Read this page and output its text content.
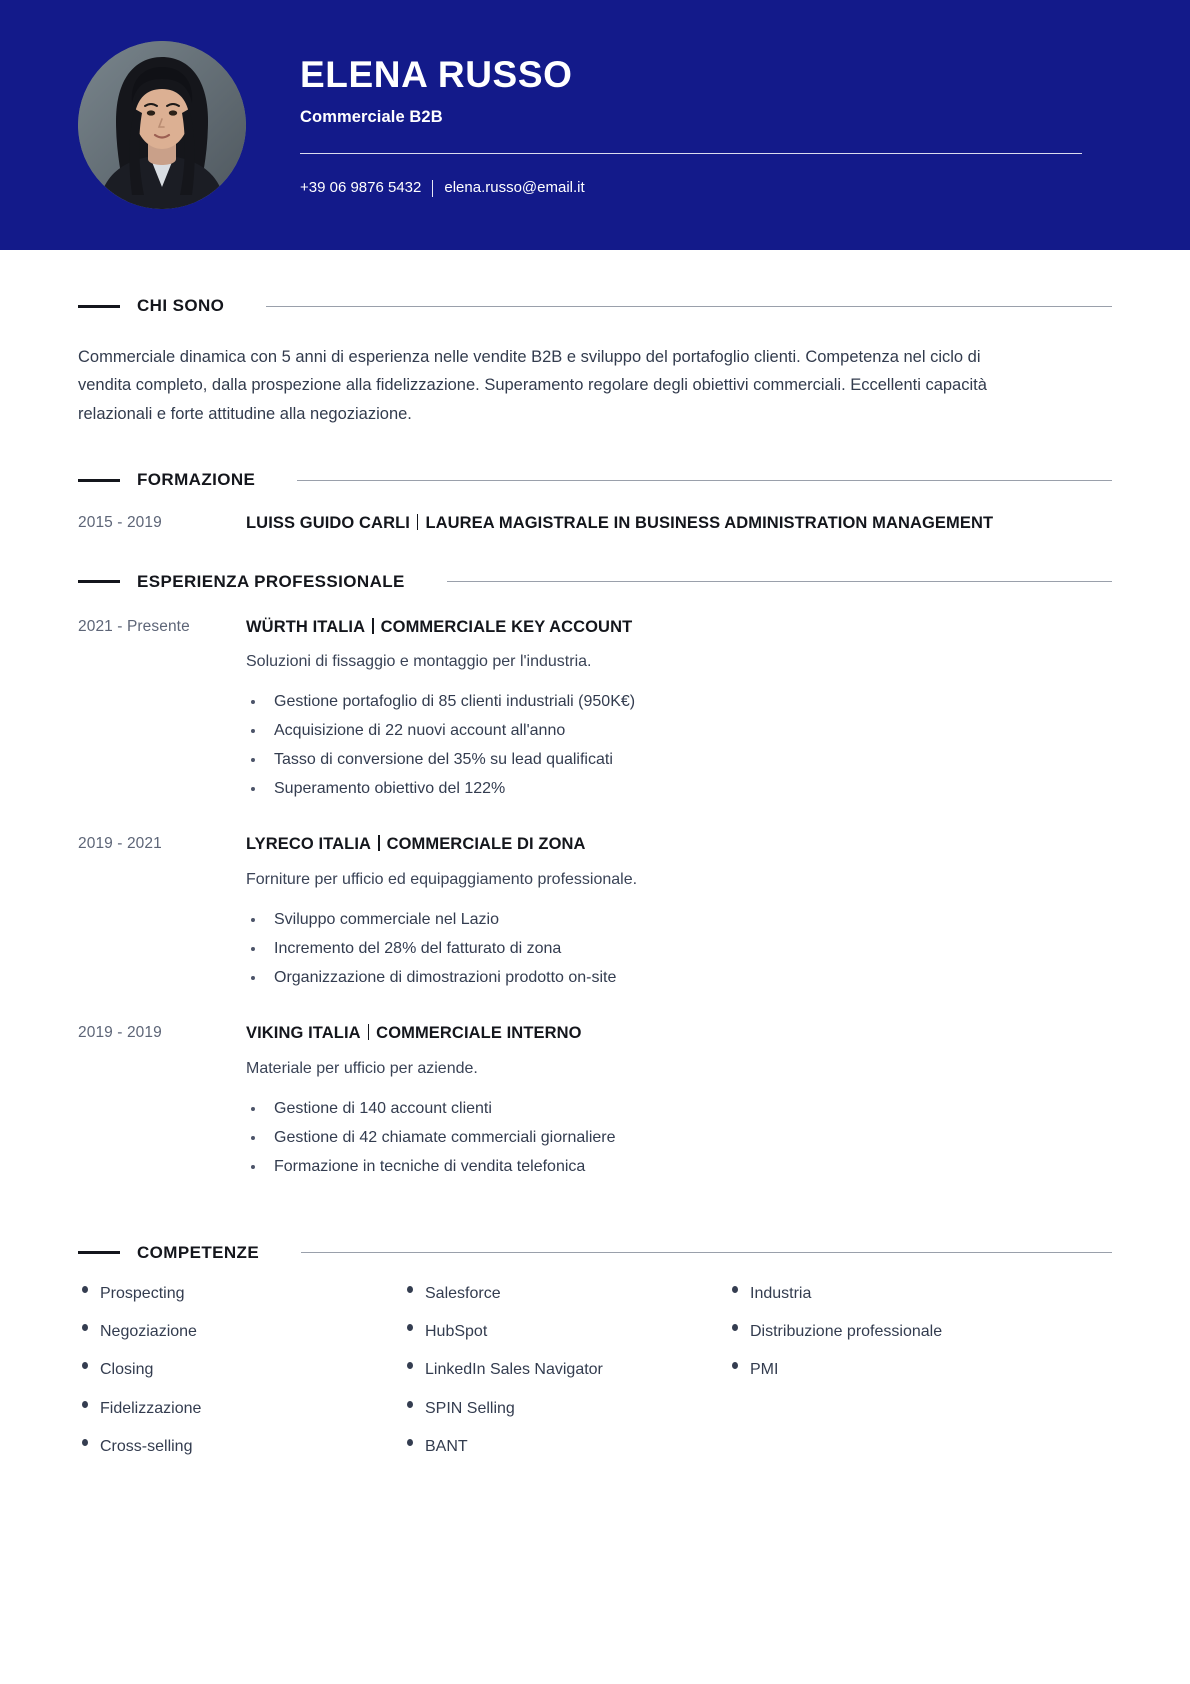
ELENA RUSSO
Commerciale B2B
+39 06 9876 5432 elena.russo@email.it
CHI SONO

Commerciale dinamica con 5 anni di esperienza nelle vendite B2B e sviluppo del portafoglio clienti. Competenza nel ciclo di vendita completo, dalla prospezione alla fidelizzazione. Superamento regolare degli obiettivi commerciali. Eccellenti capacità relazionali e forte attitudine alla negoziazione.

FORMAZIONE
2015 - 2019	LUISS GUIDO CARLI LAUREA MAGISTRALE IN BUSINESS ADMINISTRATION MANAGEMENT
ESPERIENZA PROFESSIONALE
2021 - Presente	WÜRTH ITALIA COMMERCIALE KEY ACCOUNT
Soluzioni di fissaggio e montaggio per l'industria.
Gestione portafoglio di 85 clienti industriali (950K€)
Acquisizione di 22 nuovi account all'anno
Tasso di conversione del 35% su lead qualificati
Superamento obiettivo del 122%
2019 - 2021	LYRECO ITALIA COMMERCIALE DI ZONA
Forniture per ufficio ed equipaggiamento professionale.
Sviluppo commerciale nel Lazio
Incremento del 28% del fatturato di zona
Organizzazione di dimostrazioni prodotto on-site
2019 - 2019	VIKING ITALIA COMMERCIALE INTERNO
Materiale per ufficio per aziende.
Gestione di 140 account clienti
Gestione di 42 chiamate commerciali giornaliere
Formazione in tecniche di vendita telefonica
COMPETENZE
Prospecting
Negoziazione
Closing
Fidelizzazione
Cross-selling
Salesforce
HubSpot
LinkedIn Sales Navigator
SPIN Selling
BANT
Industria
Distribuzione professionale
PMI
